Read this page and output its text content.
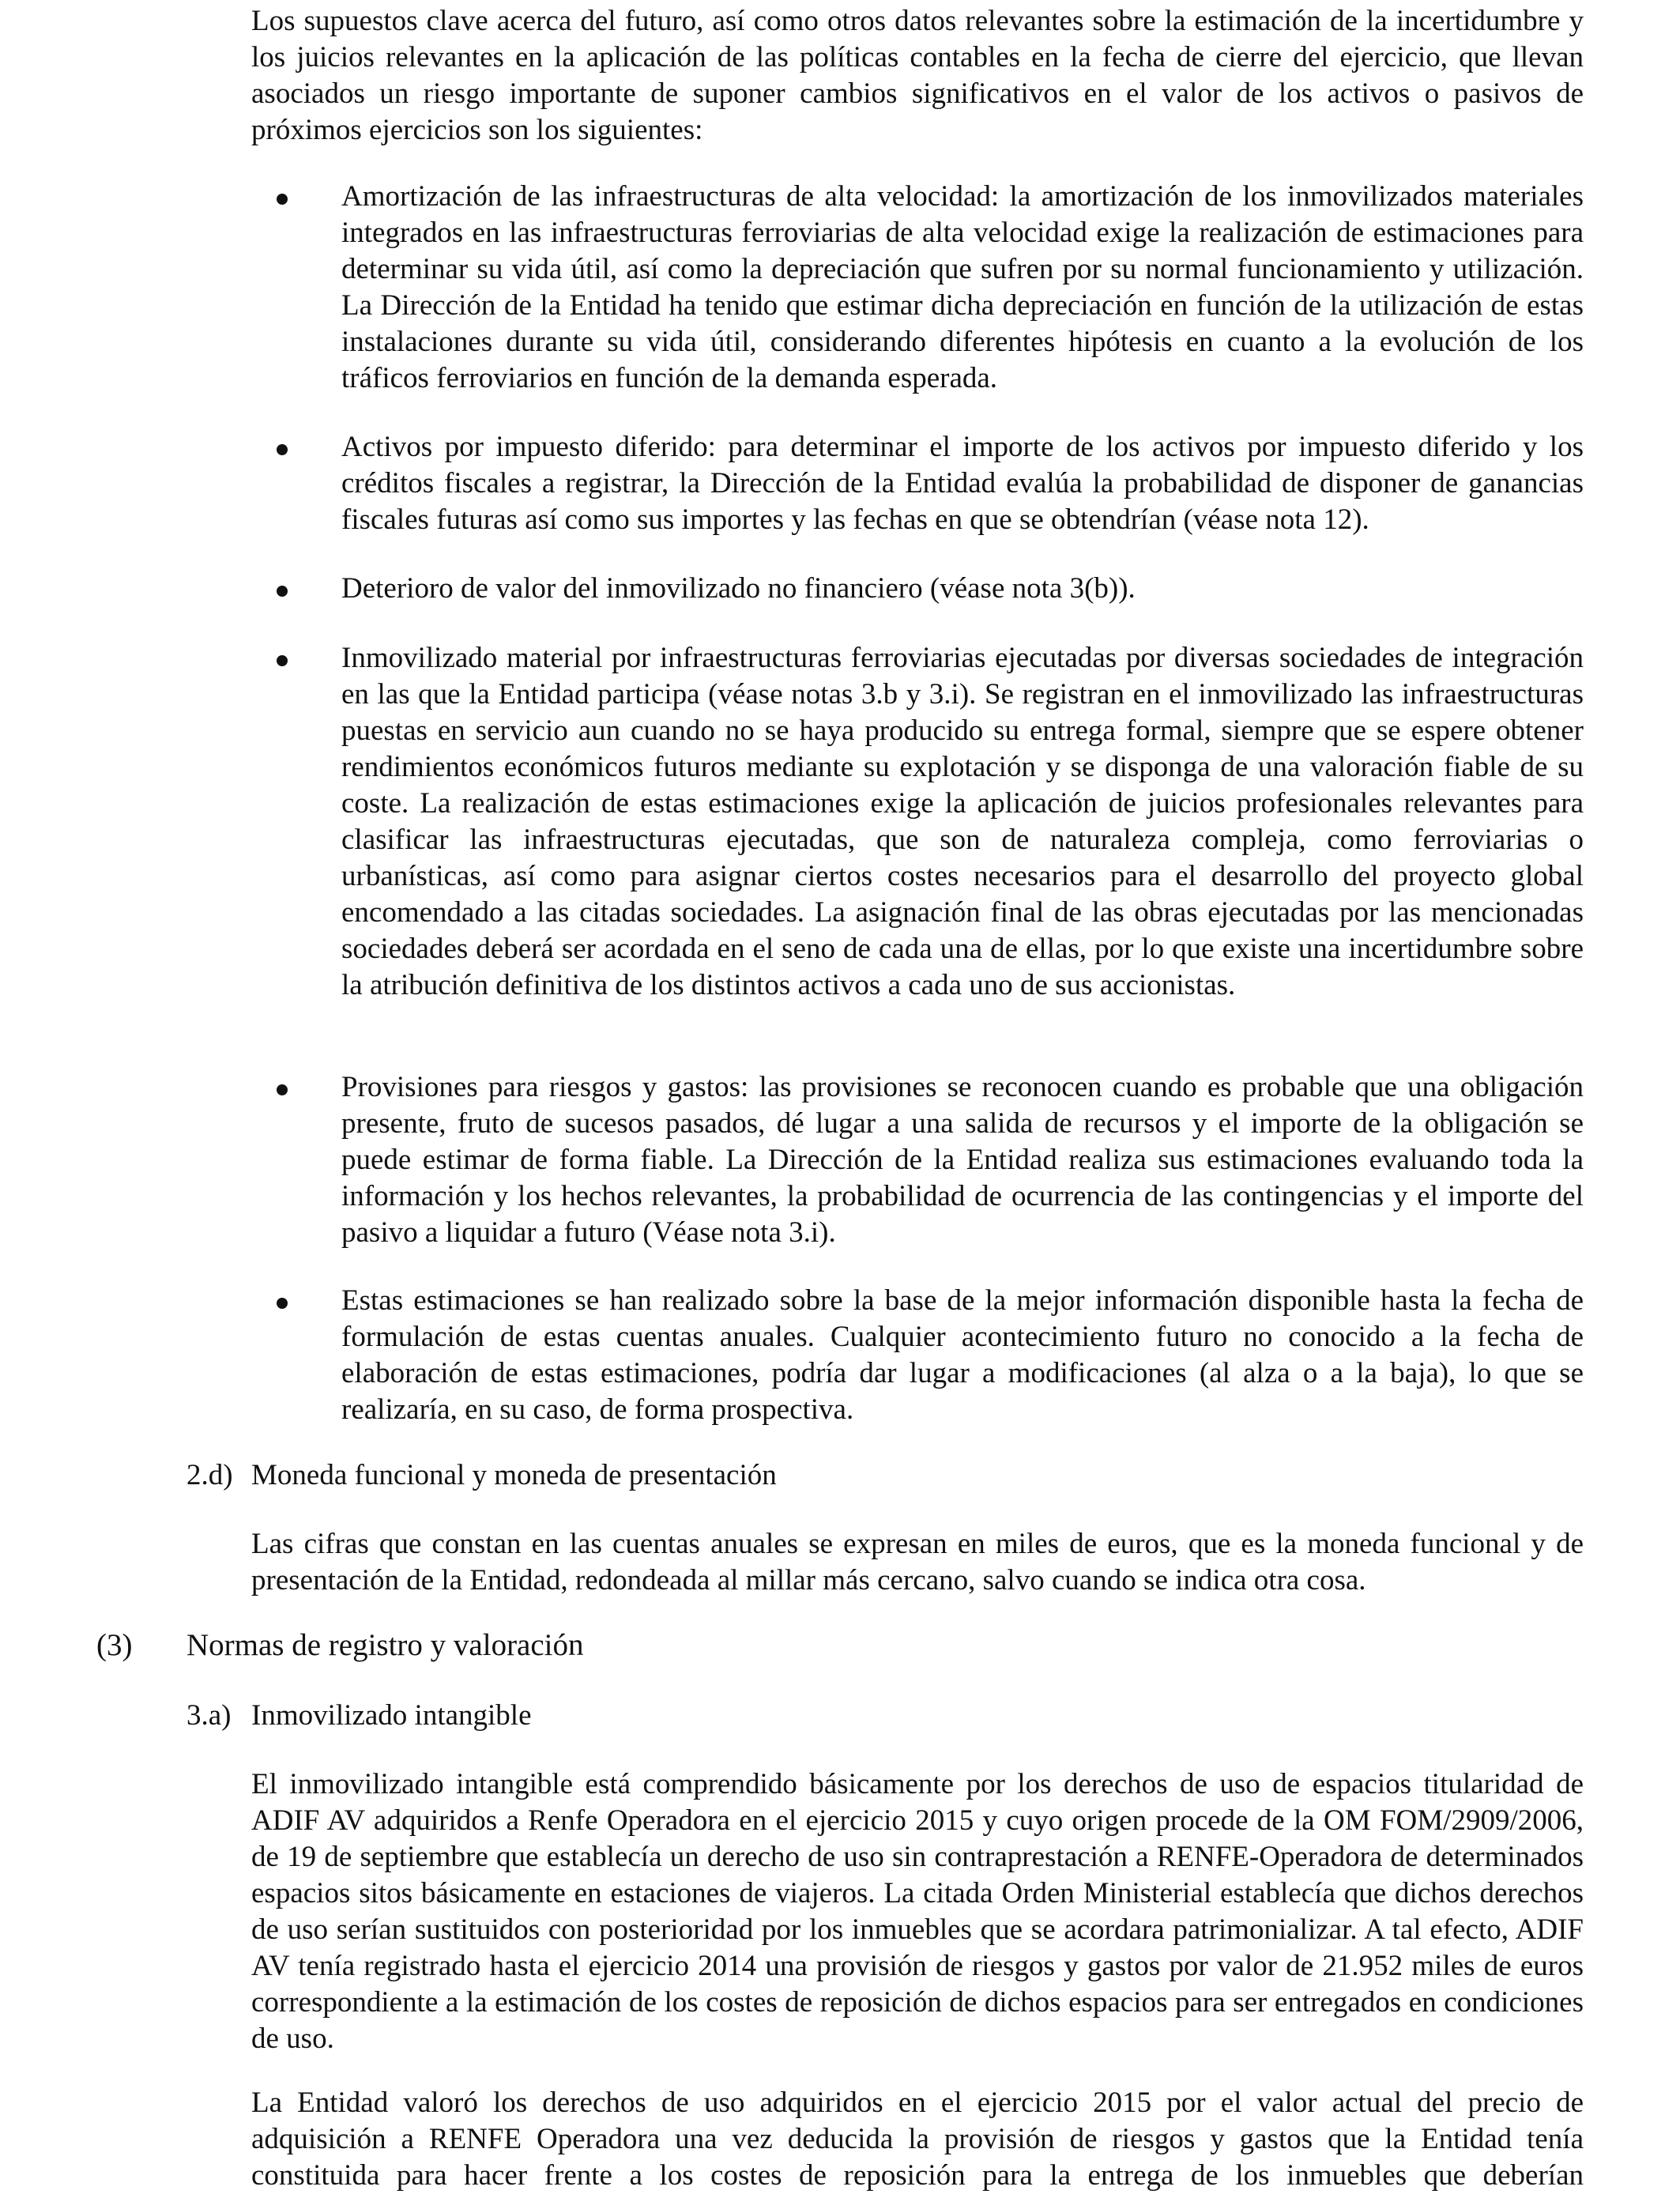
Los supuestos clave acerca del futuro, así como otros datos relevantes sobre la estimación de la incertidumbre y los juicios relevantes en la aplicación de las políticas contables en la fecha de cierre del ejercicio, que llevan asociados un riesgo importante de suponer cambios significativos en el valor de los activos o pasivos de próximos ejercicios son los siguientes:

Amortización de las infraestructuras de alta velocidad: la amortización de los inmovilizados materiales integrados en las infraestructuras ferroviarias de alta velocidad exige la realización de estimaciones para determinar su vida útil, así como la depreciación que sufren por su normal funcionamiento y utilización. La Dirección de la Entidad ha tenido que estimar dicha depreciación en función de la utilización de estas instalaciones durante su vida útil, considerando diferentes hipótesis en cuanto a la evolución de los tráficos ferroviarios en función de la demanda esperada.

Activos por impuesto diferido: para determinar el importe de los activos por impuesto diferido y los créditos fiscales a registrar, la Dirección de la Entidad evalúa la probabilidad de disponer de ganancias fiscales futuras así como sus importes y las fechas en que se obtendrían (véase nota 12).

Deterioro de valor del inmovilizado no financiero (véase nota 3(b)).

Inmovilizado material por infraestructuras ferroviarias ejecutadas por diversas sociedades de integración en las que la Entidad participa (véase notas 3.b y 3.i). Se registran en el inmovilizado las infraestructuras puestas en servicio aun cuando no se haya producido su entrega formal, siempre que se espere obtener rendimientos económicos futuros mediante su explotación y se disponga de una valoración fiable de su coste. La realización de estas estimaciones exige la aplicación de juicios profesionales relevantes para clasificar las infraestructuras ejecutadas, que son de naturaleza compleja, como ferroviarias o urbanísticas, así como para asignar ciertos costes necesarios para el desarrollo del proyecto global encomendado a las citadas sociedades. La asignación final de las obras ejecutadas por las mencionadas sociedades deberá ser acordada en el seno de cada una de ellas, por lo que existe una incertidumbre sobre la atribución definitiva de los distintos activos a cada uno de sus accionistas.

Provisiones para riesgos y gastos: las provisiones se reconocen cuando es probable que una obligación presente, fruto de sucesos pasados, dé lugar a una salida de recursos y el importe de la obligación se puede estimar de forma fiable. La Dirección de la Entidad realiza sus estimaciones evaluando toda la información y los hechos relevantes, la probabilidad de ocurrencia de las contingencias y el importe del pasivo a liquidar a futuro (Véase nota 3.i).

Estas estimaciones se han realizado sobre la base de la mejor información disponible hasta la fecha de formulación de estas cuentas anuales. Cualquier acontecimiento futuro no conocido a la fecha de elaboración de estas estimaciones, podría dar lugar a modificaciones (al alza o a la baja), lo que se realizaría, en su caso, de forma prospectiva.

2.d) Moneda funcional y moneda de presentación

Las cifras que constan en las cuentas anuales se expresan en miles de euros, que es la moneda funcional y de presentación de la Entidad, redondeada al millar más cercano, salvo cuando se indica otra cosa.

(3) Normas de registro y valoración
3.a) Inmovilizado intangible

El inmovilizado intangible está comprendido básicamente por los derechos de uso de espacios titularidad de ADIF AV adquiridos a Renfe Operadora en el ejercicio 2015 y cuyo origen procede de la OM FOM/2909/2006, de 19 de septiembre que establecía un derecho de uso sin contraprestación a RENFE-Operadora de determinados espacios sitos básicamente en estaciones de viajeros. La citada Orden Ministerial establecía que dichos derechos de uso serían sustituidos con posterioridad por los inmuebles que se acordara patrimonializar. A tal efecto, ADIF AV tenía registrado hasta el ejercicio 2014 una provisión de riesgos y gastos por valor de 21.952 miles de euros correspondiente a la estimación de los costes de reposición de dichos espacios para ser entregados en condiciones de uso.

La Entidad valoró los derechos de uso adquiridos en el ejercicio 2015 por el valor actual del precio de adquisición a RENFE Operadora una vez deducida la provisión de riesgos y gastos que la Entidad tenía constituida para hacer frente a los costes de reposición para la entrega de los inmuebles que deberían
